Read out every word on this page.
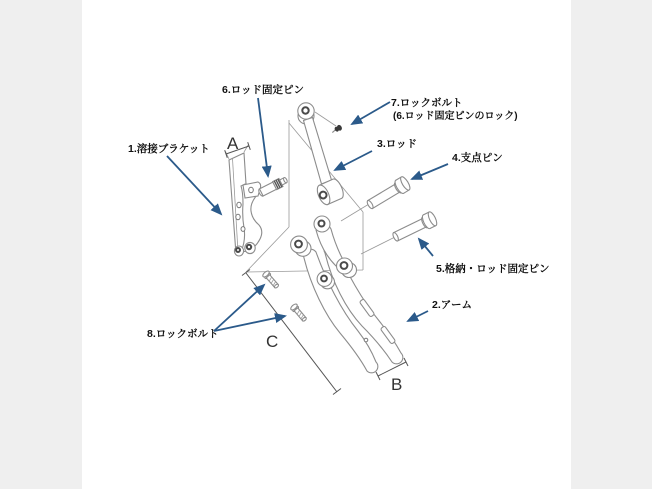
6.ロッド固定ピン
1.溶接ブラケット
7.ロックボルト
(6.ロッド固定ピンのロック)
3.ロッド
4.支点ピン
5.格納・ロッド固定ピン
2.アーム
8.ロックボルト
A
B
C
